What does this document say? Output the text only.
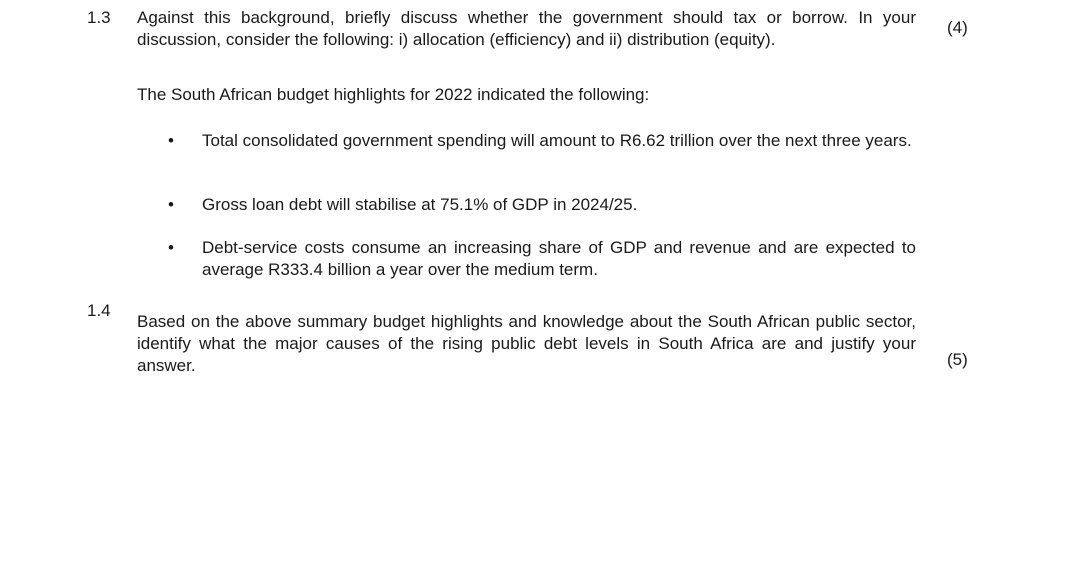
1.3 Against this background, briefly discuss whether the government should tax or borrow. In your discussion, consider the following: i) allocation (efficiency) and ii) distribution (equity).
(4)
The South African budget highlights for 2022 indicated the following:
•	Total consolidated government spending will amount to R6.62 trillion over the next three years.
•	Gross loan debt will stabilise at 75.1% of GDP in 2024/25.
•	Debt-service costs consume an increasing share of GDP and revenue and are expected to average R333.4 billion a year over the medium term.
1.4
Based on the above summary budget highlights and knowledge about the South African public sector, identify what the major causes of the rising public debt levels in South Africa are and justify your answer.	(5)
